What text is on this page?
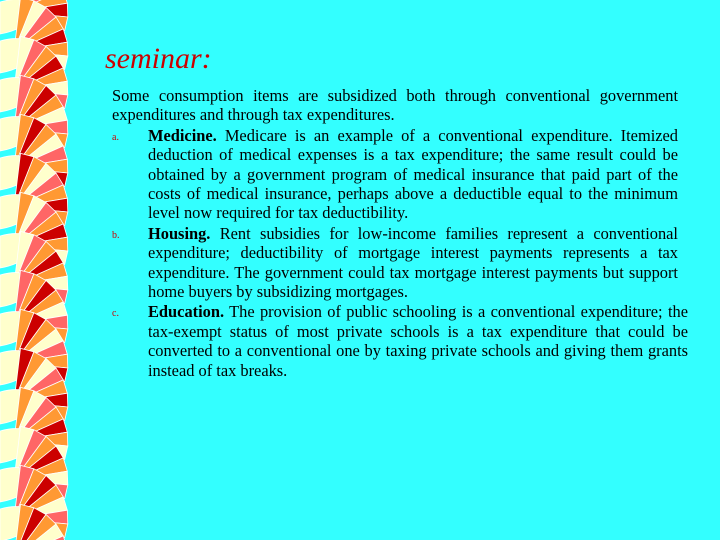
seminar:

Some consumption items are subsidized both through conventional government expenditures and through tax expenditures.

a. Medicine. Medicare is an example of a conventional expenditure. Itemized deduction of medical expenses is a tax expenditure; the same result could be obtained by a government program of medical insurance that paid part of the costs of medical insurance, perhaps above a deductible equal to the minimum level now required for tax deductibility.
b. Housing. Rent subsidies for low-income families represent a conventional expenditure; deductibility of mortgage interest payments represents a tax expenditure. The government could tax mortgage interest payments but support home buyers by subsidizing mortgages.
c. Education. The provision of public schooling is a conventional expenditure; the tax-exempt status of most private schools is a tax expenditure that could be converted to a conventional one by taxing private schools and giving them grants instead of tax breaks.
